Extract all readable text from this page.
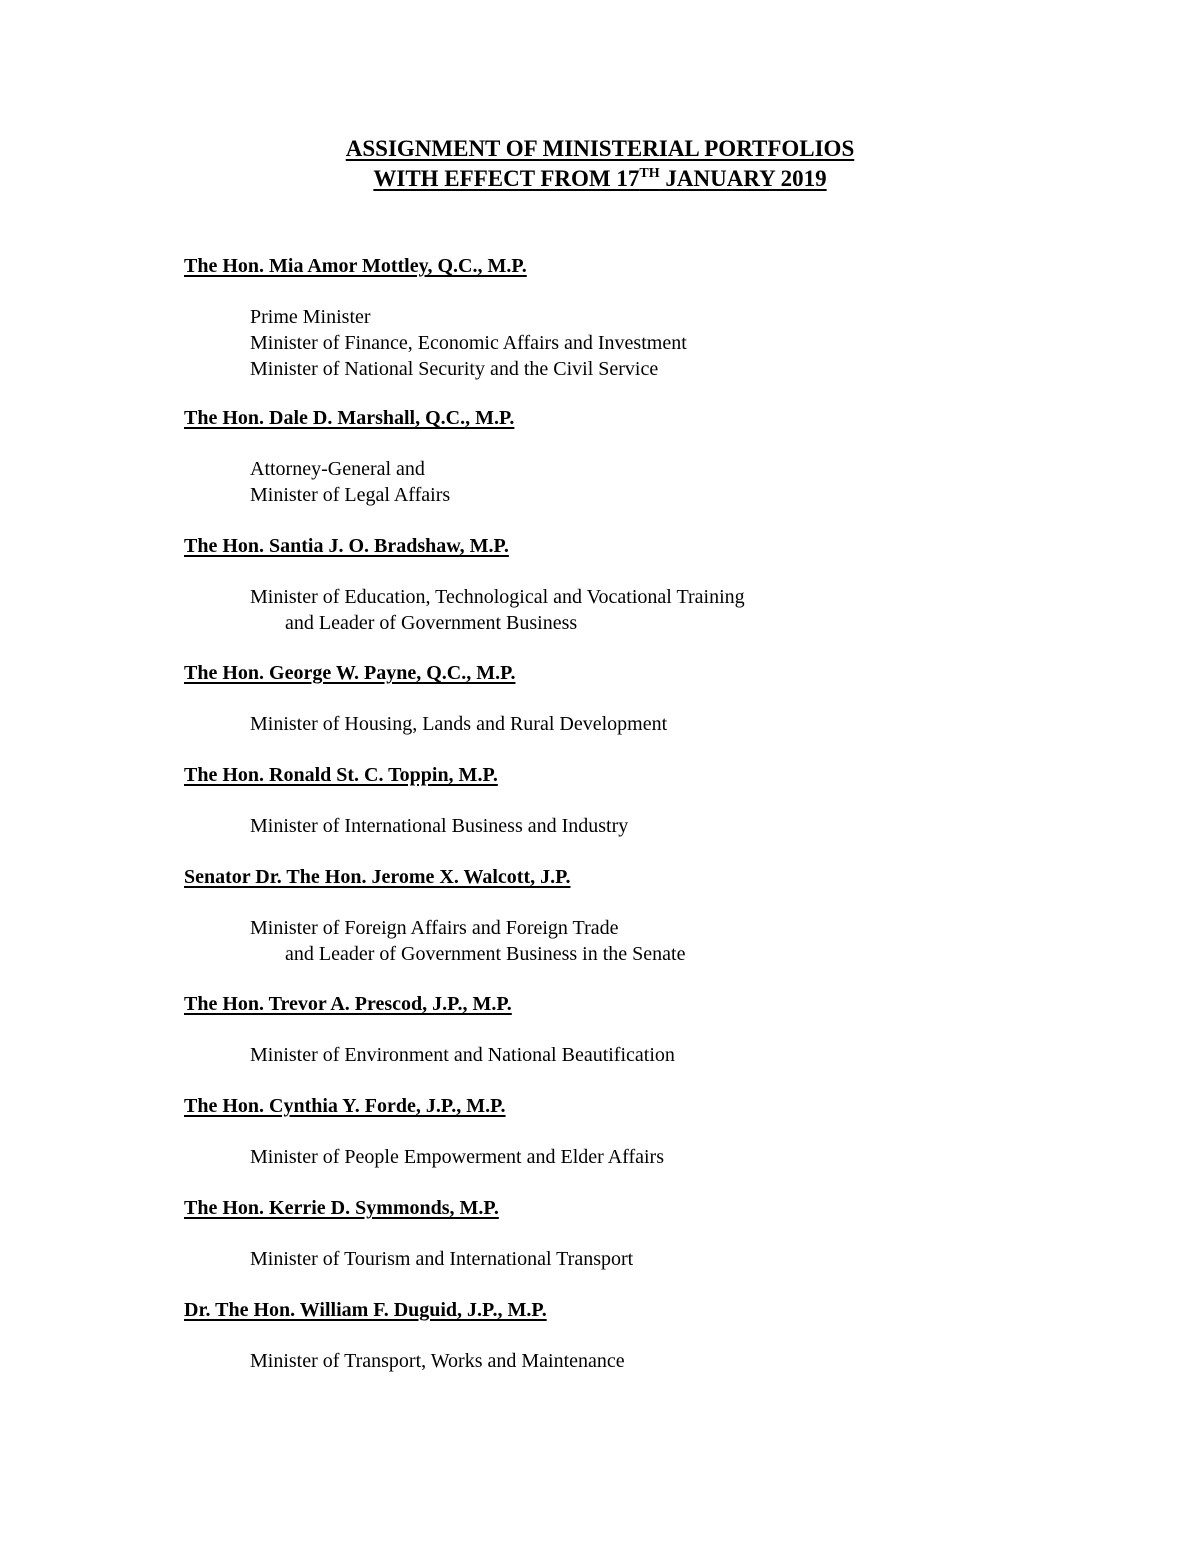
ASSIGNMENT OF MINISTERIAL PORTFOLIOS
WITH EFFECT FROM 17TH JANUARY 2019
The Hon. Mia Amor Mottley, Q.C., M.P.
Prime Minister
Minister of Finance, Economic Affairs and Investment
Minister of National Security and the Civil Service
The Hon. Dale D. Marshall, Q.C., M.P.
Attorney-General and
Minister of Legal Affairs
The Hon. Santia J. O. Bradshaw, M.P.
Minister of Education, Technological and Vocational Training
and Leader of Government Business
The Hon. George W. Payne, Q.C., M.P.
Minister of Housing, Lands and Rural Development
The Hon. Ronald St. C. Toppin, M.P.
Minister of International Business and Industry
Senator Dr. The Hon. Jerome X. Walcott, J.P.
Minister of Foreign Affairs and Foreign Trade
and Leader of Government Business in the Senate
The Hon. Trevor A. Prescod, J.P., M.P.
Minister of Environment and National Beautification
The Hon. Cynthia Y. Forde, J.P., M.P.
Minister of People Empowerment and Elder Affairs
The Hon. Kerrie D. Symmonds, M.P.
Minister of Tourism and International Transport
Dr. The Hon. William F. Duguid, J.P., M.P.
Minister of Transport, Works and Maintenance
